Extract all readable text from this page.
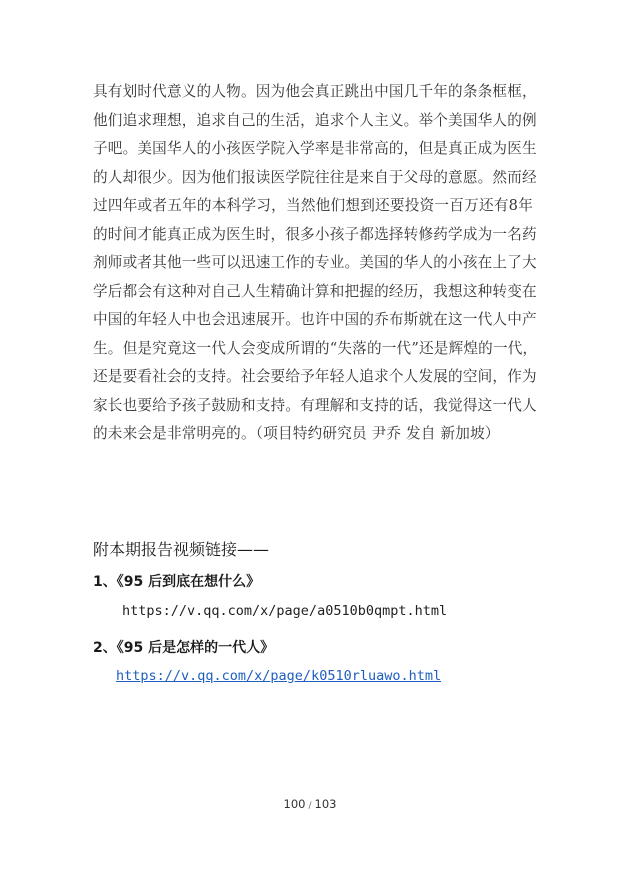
具有划时代意义的人物。因为他会真正跳出中国几千年的条条框框，
他们追求理想，追求自己的生活，追求个人主义。举个美国华人的例
子吧。美国华人的小孩医学院入学率是非常高的，但是真正成为医生
的人却很少。因为他们报读医学院往往是来自于父母的意愿。然而经
过四年或者五年的本科学习，当然他们想到还要投资一百万还有8年
的时间才能真正成为医生时，很多小孩子都选择转修药学成为一名药
剂师或者其他一些可以迅速工作的专业。美国的华人的小孩在上了大
学后都会有这种对自己人生精确计算和把握的经历，我想这种转变在
中国的年轻人中也会迅速展开。也许中国的乔布斯就在这一代人中产
生。但是究竟这一代人会变成所谓的“失落的一代”还是辉煌的一代，
还是要看社会的支持。社会要给予年轻人追求个人发展的空间，作为
家长也要给予孩子鼓励和支持。有理解和支持的话，我觉得这一代人
的未来会是非常明亮的。（项目特约研究员 尹乔 发自 新加坡）
附本期报告视频链接——
1、《95 后到底在想什么》
https://v.qq.com/x/page/a0510b0qmpt.html
2、《95 后是怎样的一代人》
https://v.qq.com/x/page/k0510rluawo.html
100 / 103
